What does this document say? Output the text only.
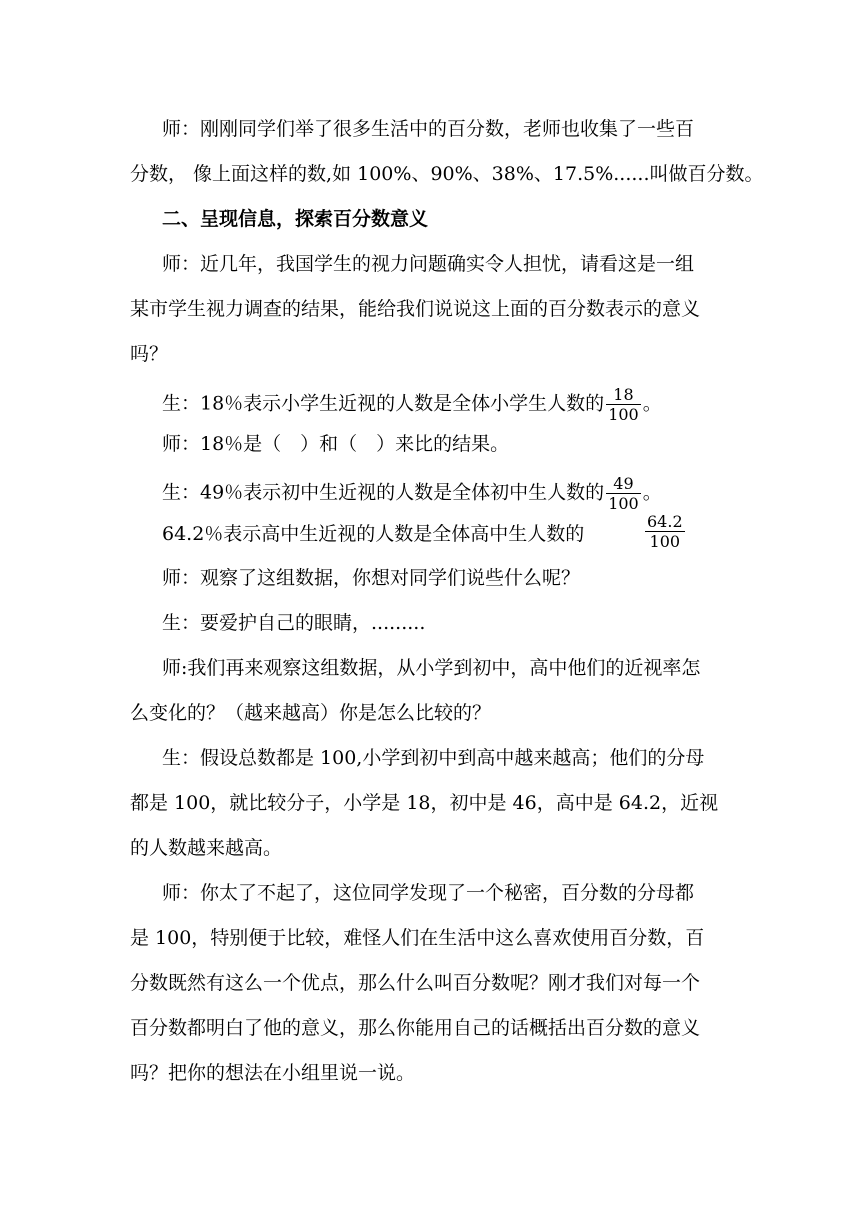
师：刚刚同学们举了很多生活中的百分数，老师也收集了一些百
分数， 像上面这样的数,如 100%、90%、38%、17.5%......叫做百分数。
二、呈现信息，探索百分数意义
师：近几年，我国学生的视力问题确实令人担忧，请看这是一组
某市学生视力调查的结果，能给我们说说这上面的百分数表示的意义
吗？
生：18％表示小学生近视的人数是全体小学生人数的 $\frac{18}{100}$ 。
师：18％是（　）和（　）来比的结果。
生：49％表示初中生近视的人数是全体初中生人数的 $\frac{49}{100}$ 。
64.2％表示高中生近视的人数是全体高中生人数的	$\frac{64.2}{100}$
师：观察了这组数据，你想对同学们说些什么呢？
生：要爱护自己的眼睛，.........
师:我们再来观察这组数据，从小学到初中，高中他们的近视率怎
么变化的？（越来越高）你是怎么比较的？
生：假设总数都是 100,小学到初中到高中越来越高；他们的分母
都是 100，就比较分子，小学是 18，初中是 46，高中是 64.2，近视
的人数越来越高。
师：你太了不起了，这位同学发现了一个秘密，百分数的分母都
是 100，特别便于比较，难怪人们在生活中这么喜欢使用百分数，百
分数既然有这么一个优点，那么什么叫百分数呢？刚才我们对每一个
百分数都明白了他的意义，那么你能用自己的话概括出百分数的意义
吗？把你的想法在小组里说一说。
